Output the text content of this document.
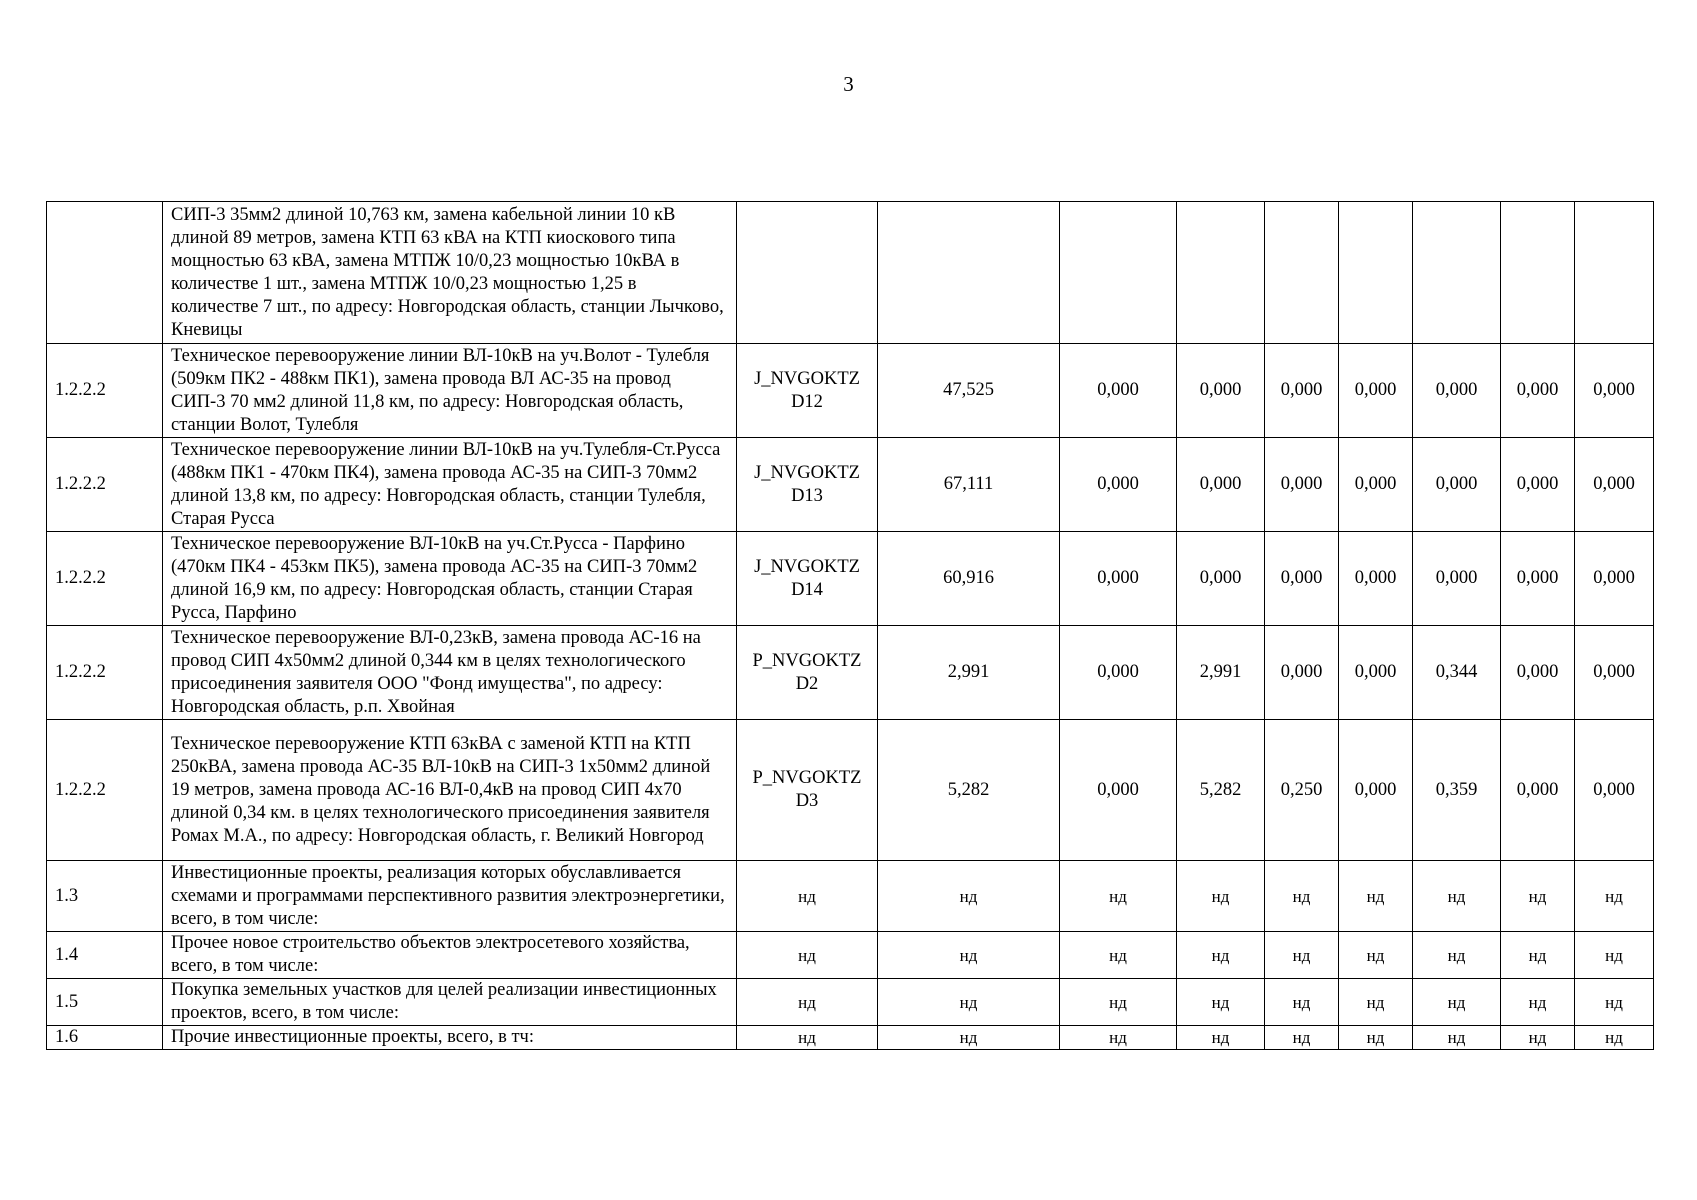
3
	СИП-3 35мм2 длиной 10,763 км, замена кабельной линии 10 кВ длиной 89 метров, замена КТП 63 кВА на КТП киоскового типа мощностью 63 кВА, замена МТПЖ 10/0,23 мощностью 10кВА в количестве 1 шт., замена МТПЖ 10/0,23 мощностью 1,25 в количестве 7 шт., по адресу: Новгородская область, станции Лычково, Кневицы									
1.2.2.2	Техническое перевооружение линии ВЛ-10кВ на уч.Волот - Тулебля (509км ПК2 - 488км ПК1), замена провода ВЛ АС-35 на провод СИП-3 70 мм2 длиной 11,8 км, по адресу: Новгородская область, станции Волот, Тулебля	J_NVGOKTZ D12	47,525	0,000	0,000	0,000	0,000	0,000	0,000	0,000
1.2.2.2	Техническое перевооружение линии ВЛ-10кВ на уч.Тулебля-Ст.Русса (488км ПК1 - 470км ПК4), замена провода АС-35 на СИП-3 70мм2 длиной 13,8 км, по адресу: Новгородская область, станции Тулебля, Старая Русса	J_NVGOKTZ D13	67,111	0,000	0,000	0,000	0,000	0,000	0,000	0,000
1.2.2.2	Техническое перевооружение ВЛ-10кВ на уч.Ст.Русса - Парфино (470км ПК4 - 453км ПК5), замена провода АС-35 на СИП-3 70мм2 длиной 16,9 км, по адресу: Новгородская область, станции Старая Русса, Парфино	J_NVGOKTZ D14	60,916	0,000	0,000	0,000	0,000	0,000	0,000	0,000
1.2.2.2	Техническое перевооружение ВЛ-0,23кВ, замена провода АС-16 на провод СИП 4х50мм2 длиной 0,344 км в целях технологического присоединения заявителя ООО "Фонд имущества", по адресу: Новгородская область, р.п. Хвойная	P_NVGOKTZ D2	2,991	0,000	2,991	0,000	0,000	0,344	0,000	0,000
1.2.2.2	Техническое перевооружение КТП 63кВА с заменой КТП на КТП 250кВА, замена провода АС-35 ВЛ-10кВ на СИП-3 1х50мм2 длиной 19 метров, замена провода АС-16 ВЛ-0,4кВ на провод СИП 4х70 длиной 0,34 км. в целях технологического присоединения заявителя Ромах М.А., по адресу: Новгородская область, г. Великий Новгород	P_NVGOKTZ D3	5,282	0,000	5,282	0,250	0,000	0,359	0,000	0,000
1.3	Инвестиционные проекты, реализация которых обуславливается схемами и программами перспективного развития электроэнергетики, всего, в том числе:	нд	нд	нд	нд	нд	нд	нд	нд	нд
1.4	Прочее новое строительство объектов электросетевого хозяйства, всего, в том числе:	нд	нд	нд	нд	нд	нд	нд	нд	нд
1.5	Покупка земельных участков для целей реализации инвестиционных проектов, всего, в том числе:	нд	нд	нд	нд	нд	нд	нд	нд	нд
1.6	Прочие инвестиционные проекты, всего, в тч:	нд	нд	нд	нд	нд	нд	нд	нд	нд
